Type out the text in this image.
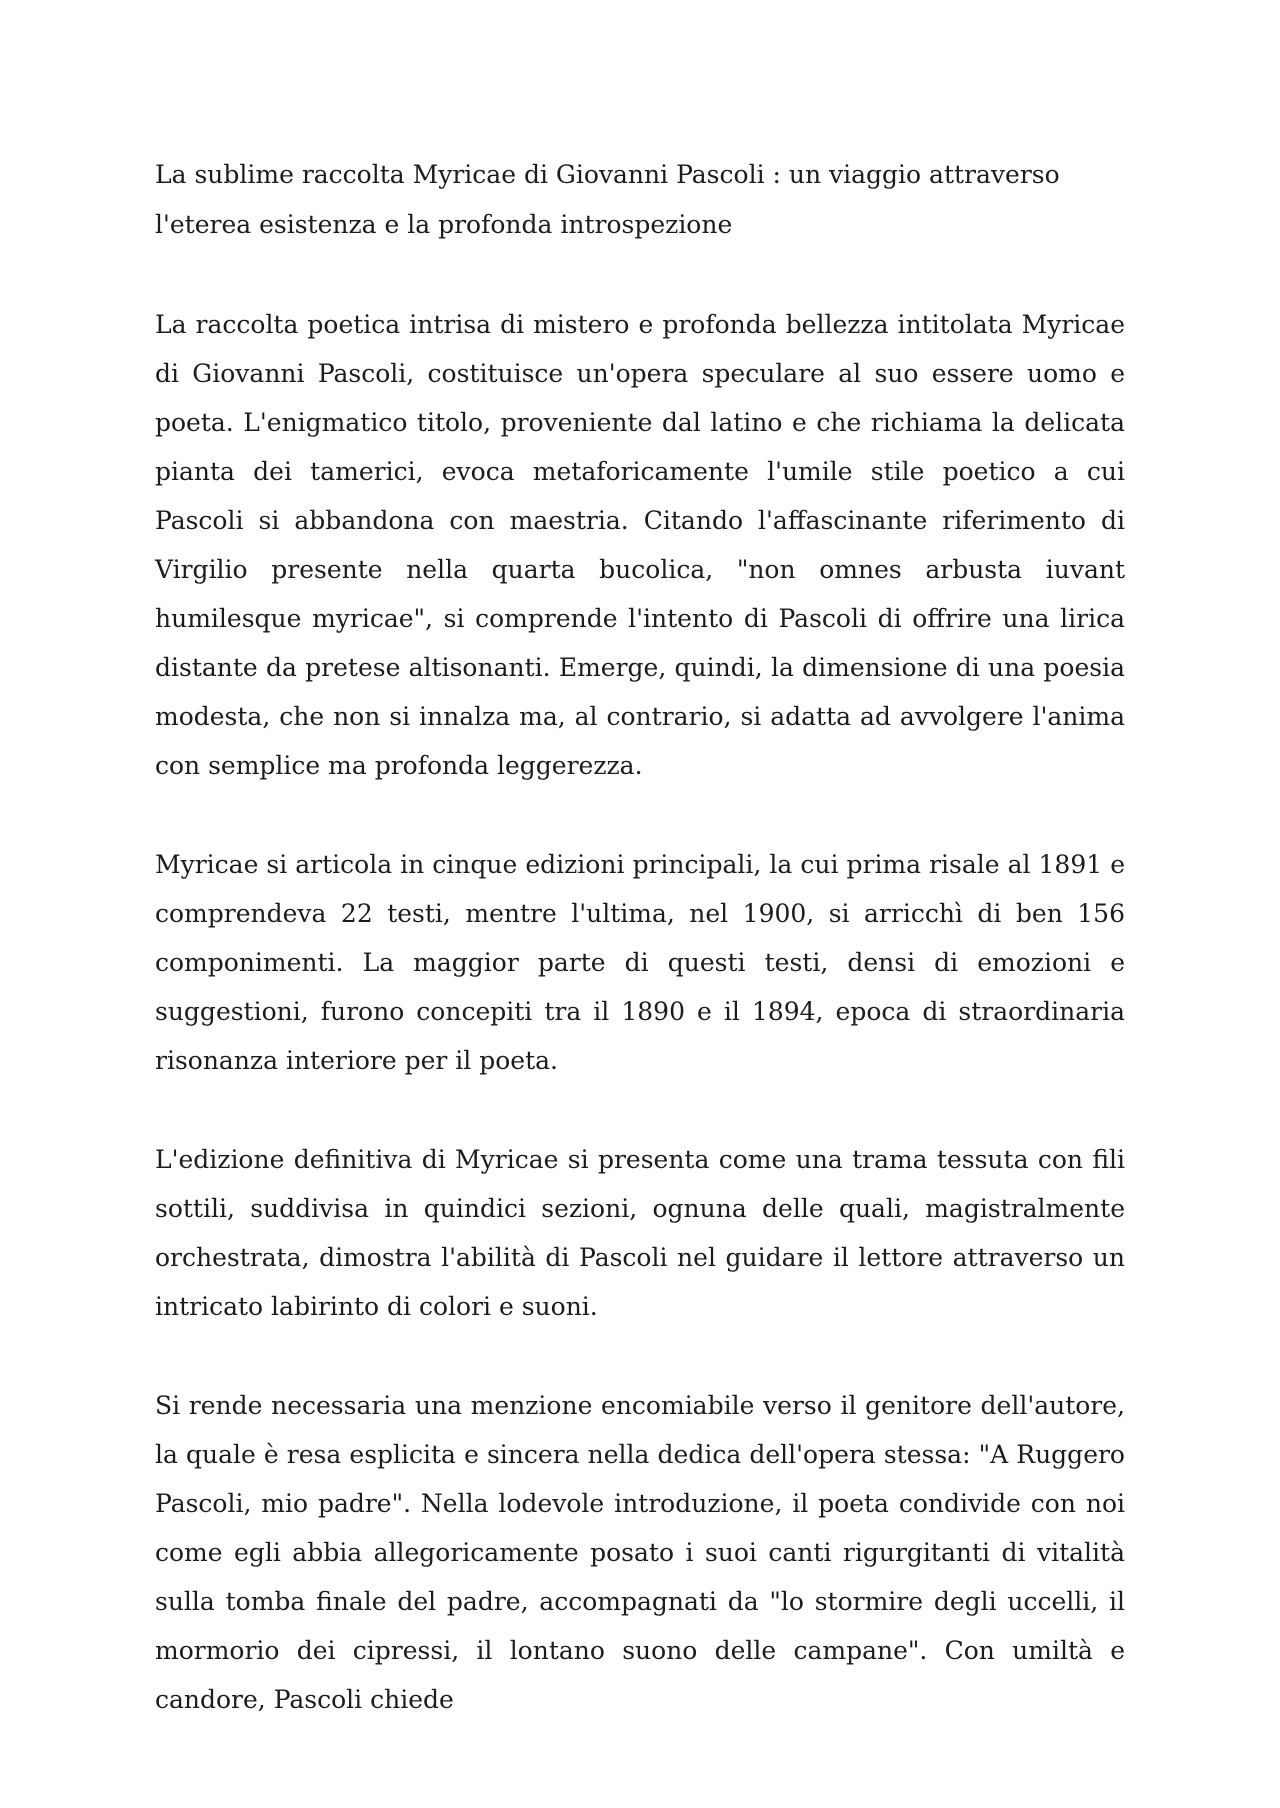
La sublime raccolta Myricae di Giovanni Pascoli : un viaggio attraverso l'eterea esistenza e la profonda introspezione

La raccolta poetica intrisa di mistero e profonda bellezza intitolata Myricae di Giovanni Pascoli, costituisce un'opera speculare al suo essere uomo e poeta. L'enigmatico titolo, proveniente dal latino e che richiama la delicata pianta dei tamerici, evoca metaforicamente l'umile stile poetico a cui Pascoli si abbandona con maestria. Citando l'affascinante riferimento di Virgilio presente nella quarta bucolica, "non omnes arbusta iuvant humilesque myricae", si comprende l'intento di Pascoli di offrire una lirica distante da pretese altisonanti. Emerge, quindi, la dimensione di una poesia modesta, che non si innalza ma, al contrario, si adatta ad avvolgere l'anima con semplice ma profonda leggerezza.

Myricae si articola in cinque edizioni principali, la cui prima risale al 1891 e comprendeva 22 testi, mentre l'ultima, nel 1900, si arricchì di ben 156 componimenti. La maggior parte di questi testi, densi di emozioni e suggestioni, furono concepiti tra il 1890 e il 1894, epoca di straordinaria risonanza interiore per il poeta.

L'edizione definitiva di Myricae si presenta come una trama tessuta con fili sottili, suddivisa in quindici sezioni, ognuna delle quali, magistralmente orchestrata, dimostra l'abilità di Pascoli nel guidare il lettore attraverso un intricato labirinto di colori e suoni.

Si rende necessaria una menzione encomiabile verso il genitore dell'autore, la quale è resa esplicita e sincera nella dedica dell'opera stessa: "A Ruggero Pascoli, mio padre". Nella lodevole introduzione, il poeta condivide con noi come egli abbia allegoricamente posato i suoi canti rigurgitanti di vitalità sulla tomba finale del padre, accompagnati da "lo stormire degli uccelli, il mormorio dei cipressi, il lontano suono delle campane". Con umiltà e candore, Pascoli chiede
